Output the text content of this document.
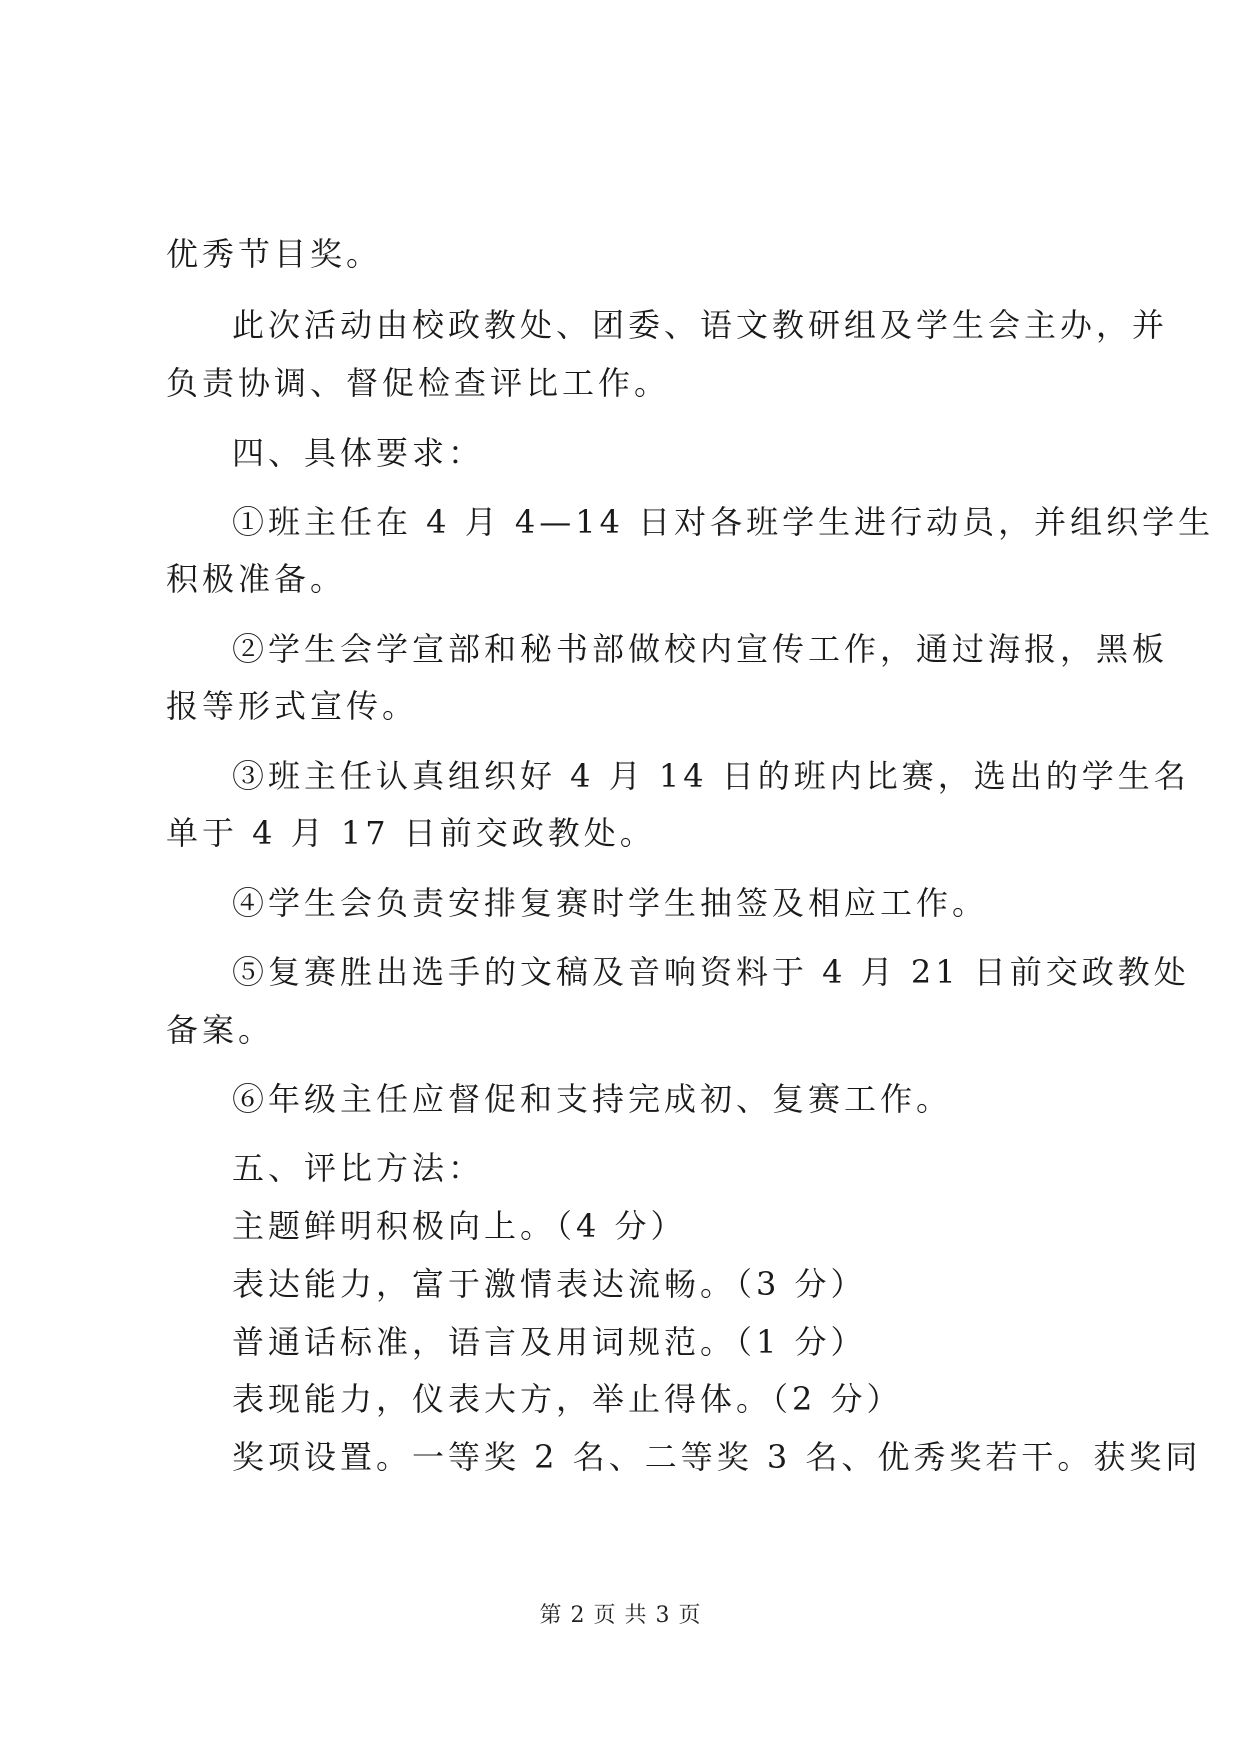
优秀节目奖。
此次活动由校政教处、团委、语文教研组及学生会主办，并
负责协调、督促检查评比工作。
四、具体要求：
①班主任在 4 月 4—14 日对各班学生进行动员，并组织学生
积极准备。
②学生会学宣部和秘书部做校内宣传工作，通过海报，黑板
报等形式宣传。
③班主任认真组织好 4 月 14 日的班内比赛，选出的学生名
单于 4 月 17 日前交政教处。
④学生会负责安排复赛时学生抽签及相应工作。
⑤复赛胜出选手的文稿及音响资料于 4 月 21 日前交政教处
备案。
⑥年级主任应督促和支持完成初、复赛工作。
五、评比方法：
主题鲜明积极向上。（4 分）
表达能力，富于激情表达流畅。（3 分）
普通话标准，语言及用词规范。（1 分）
表现能力，仪表大方，举止得体。（2 分）
奖项设置。一等奖 2 名、二等奖 3 名、优秀奖若干。获奖同
第 2 页 共 3 页
